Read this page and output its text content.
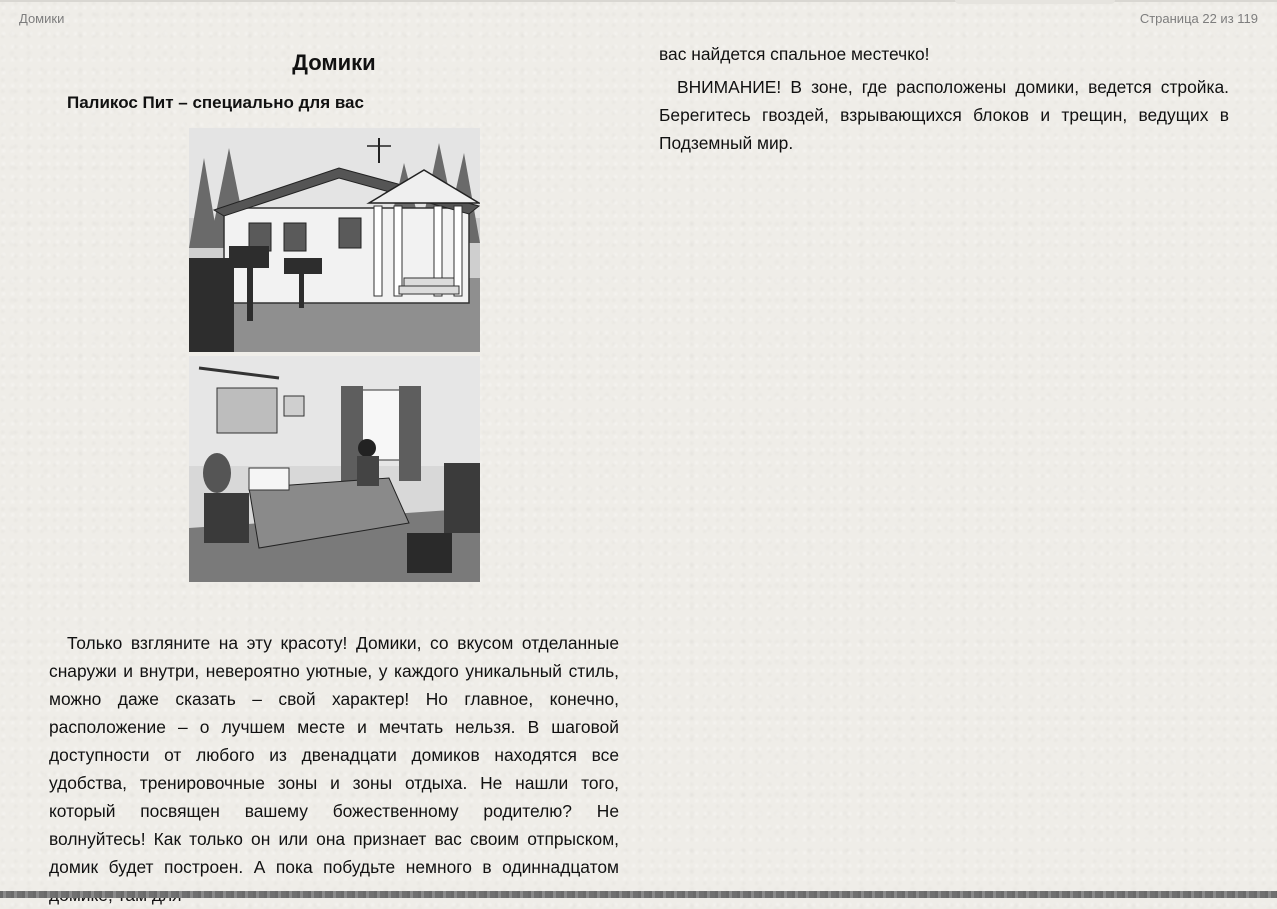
Домики	Страница 22 из 119
Домики
Паликос Пит – специально для вас

Только взгляните на эту красоту! Домики, со вкусом отделанные снаружи и внутри, невероятно уютные, у каждого уникальный стиль, можно даже сказать – свой характер! Но главное, конечно, расположение – о лучшем месте и мечтать нельзя. В шаговой доступности от любого из двенадцати домиков находятся все удобства, тренировочные зоны и зоны отдыха. Не нашли того, который посвящен вашему божественному родителю? Не волнуйтесь! Как только он или она признает вас своим отпрыском, домик будет построен. А пока побудьте немного в одиннадцатом

вас найдется спальное местечко!

ВНИМАНИЕ! В зоне, где расположены домики, ведется стройка. Берегитесь гвоздей, взрывающихся блоков и трещин, ведущих в Подземный мир.
